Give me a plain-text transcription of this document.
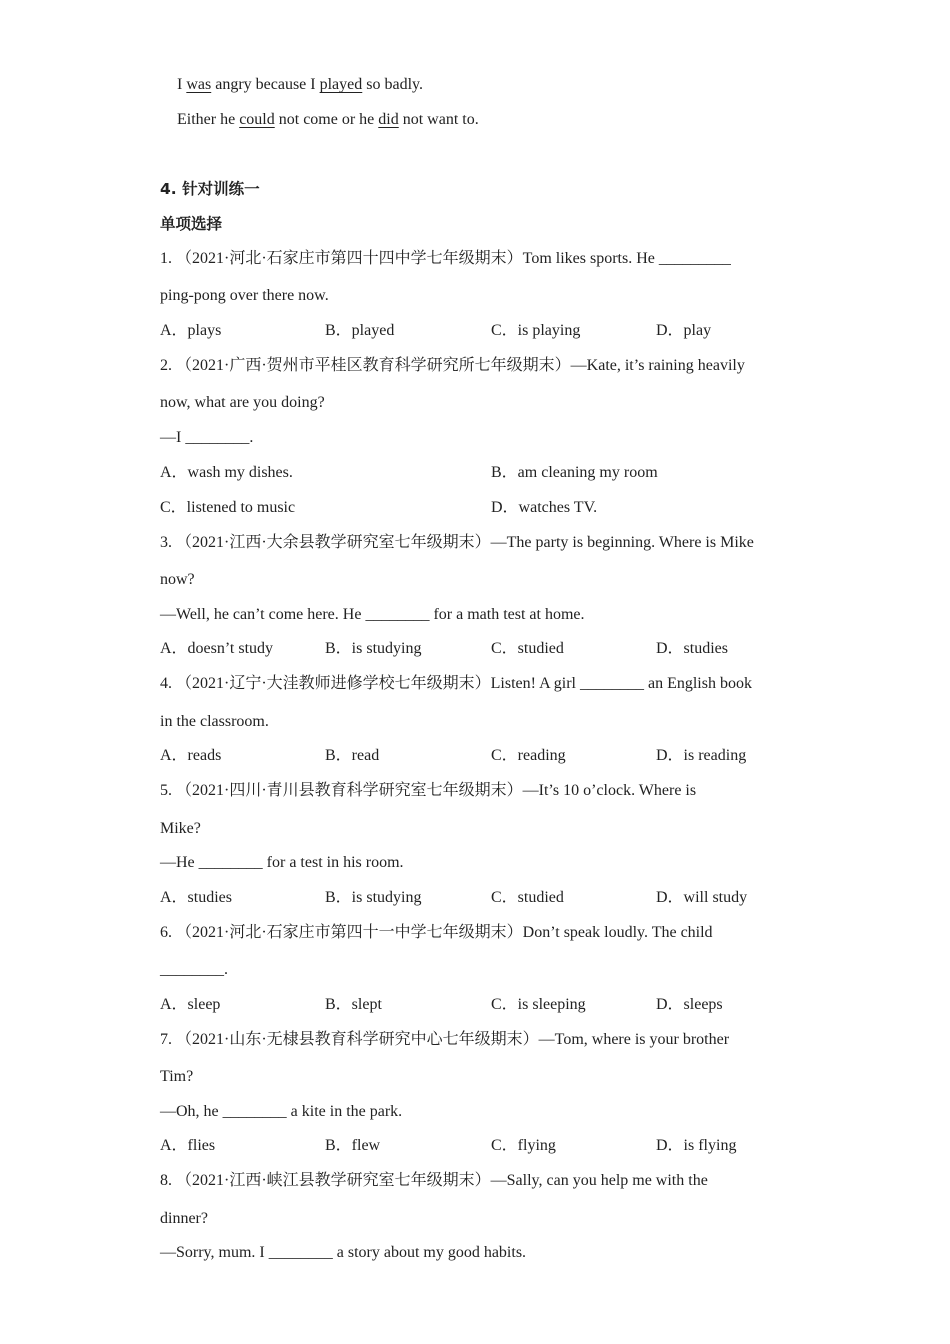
I was angry because I played so badly.
Either he could not come or he did not want to.
4. 针对训练一
单项选择
1. （2021·河北·石家庄市第四十四中学七年级期末）Tom likes sports. He _________
ping-pong over there now.
A．plays	B．played	C．is playing	D．play
2. （2021·广西·贺州市平桂区教育科学研究所七年级期末）—Kate, it’s raining heavily
now, what are you doing?
—I ________.
A．wash my dishes.	B．am cleaning my room
C．listened to music	D．watches TV.
3. （2021·江西·大余县教学研究室七年级期末）—The party is beginning. Where is Mike
now?
—Well, he can’t come here. He ________ for a math test at home.
A．doesn’t study	B．is studying	C．studied	D．studies
4. （2021·辽宁·大洼教师进修学校七年级期末）Listen! A girl ________ an English book
in the classroom.
A．reads	B．read	C．reading	D．is reading
5. （2021·四川·青川县教育科学研究室七年级期末）—It’s 10 o’clock. Where is
Mike?
—He ________ for a test in his room.
A．studies	B．is studying	C．studied	D．will study
6. （2021·河北·石家庄市第四十一中学七年级期末）Don’t speak loudly. The child
________.
A．sleep	B．slept	C．is sleeping	D．sleeps
7. （2021·山东·无棣县教育科学研究中心七年级期末）—Tom, where is your brother
Tim?
—Oh, he ________ a kite in the park.
A．flies	B．flew	C．flying	D．is flying
8. （2021·江西·峡江县教学研究室七年级期末）—Sally, can you help me with the
dinner?
—Sorry, mum. I ________ a story about my good habits.
